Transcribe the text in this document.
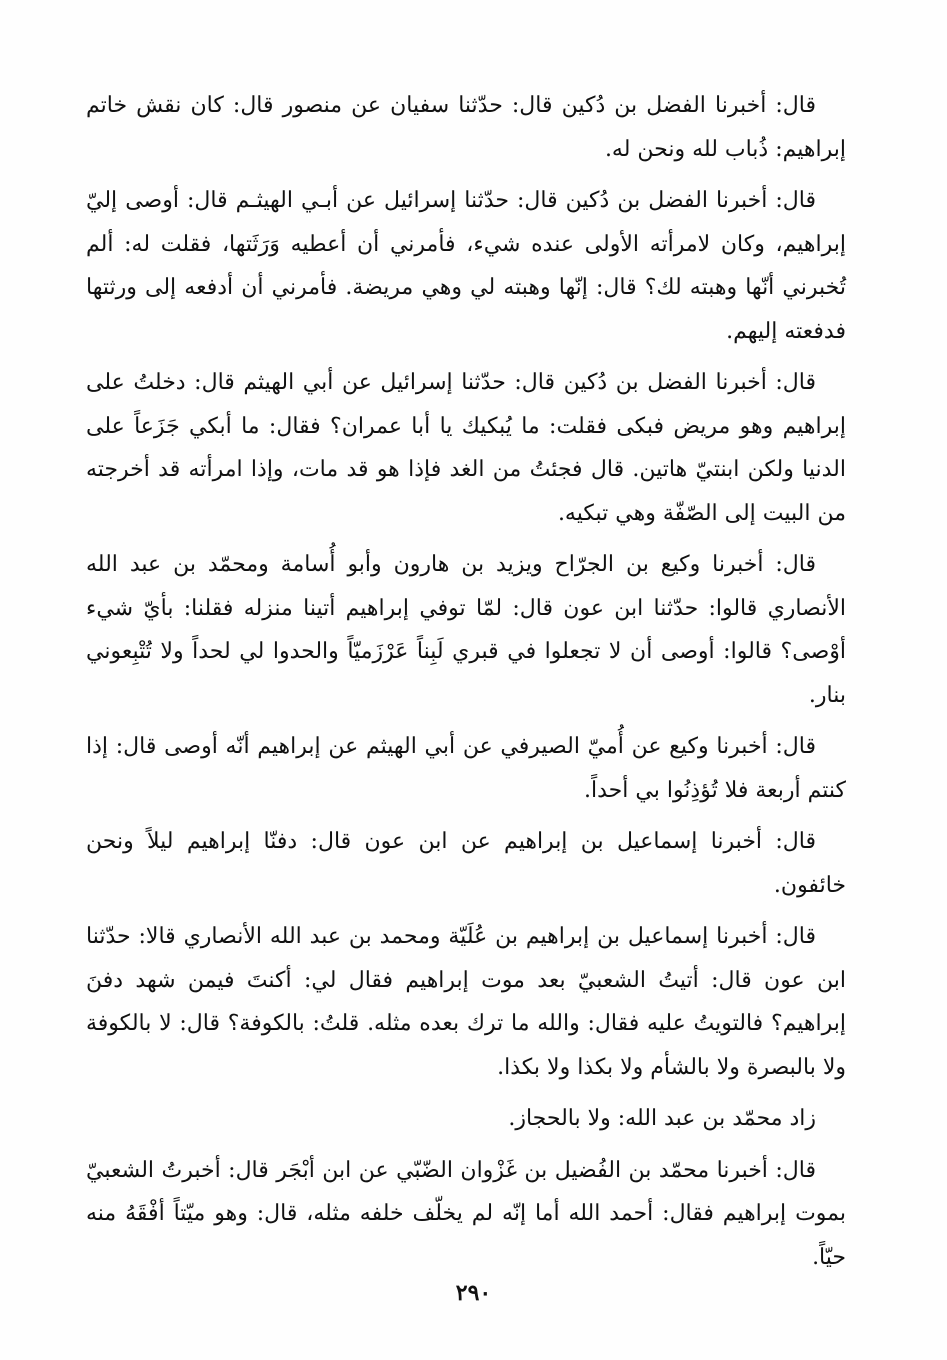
قال: أخبرنا الفضل بن دُكين قال: حدّثنا سفيان عن منصور قال: كان نقش خاتم إبراهيم: ذُباب لله ونحن له.

قال: أخبرنا الفضل بن دُكين قال: حدّثنا إسرائيل عن أبـي الهيثـم قال: أوصى إليّ إبراهيم، وكان لامرأته الأولى عنده شيء، فأمرني أن أعطيه وَرَثَتها، فقلت له: ألم تُخبرني أنّها وهبته لك؟ قال: إنّها وهبته لي وهي مريضة. فأمرني أن أدفعه إلى ورثتها فدفعته إليهم.

قال: أخبرنا الفضل بن دُكين قال: حدّثنا إسرائيل عن أبي الهيثم قال: دخلتُ على إبراهيم وهو مريض فبكى فقلت: ما يُبكيك يا أبا عمران؟ فقال: ما أبكي جَزَعاً على الدنيا ولكن ابنتيّ هاتين. قال فجئتُ من الغد فإذا هو قد مات، وإذا امرأته قد أخرجته من البيت إلى الصّفّة وهي تبكيه.

قال: أخبرنا وكيع بن الجرّاح ويزيد بن هارون وأبو أُسامة ومحمّد بن عبد الله الأنصاري قالوا: حدّثنا ابن عون قال: لمّا توفي إبراهيم أتينا منزله فقلنا: بأيّ شيء أوْصى؟ قالوا: أوصى أن لا تجعلوا في قبري لَبِناً عَرْزَميّاً والحدوا لي لحداً ولا تُتْبِعوني بنار.

قال: أخبرنا وكيع عن أُميّ الصيرفي عن أبي الهيثم عن إبراهيم أنّه أوصى قال: إذا كنتم أربعة فلا تُؤذِنُوا بي أحداً.

قال: أخبرنا إسماعيل بن إبراهيم عن ابن عون قال: دفنّا إبراهيم ليلاً ونحن خائفون.

قال: أخبرنا إسماعيل بن إبراهيم بن عُلَيّة ومحمد بن عبد الله الأنصاري قالا: حدّثنا ابن عون قال: أتيتُ الشعبيّ بعد موت إبراهيم فقال لي: أكنتَ فيمن شهد دفنَ إبراهيم؟ فالتويتُ عليه فقال: والله ما ترك بعده مثله. قلتُ: بالكوفة؟ قال: لا بالكوفة ولا بالبصرة ولا بالشأم ولا بكذا ولا بكذا.

زاد محمّد بن عبد الله: ولا بالحجاز.

قال: أخبرنا محمّد بن الفُضيل بن غَزْوان الضّبّي عن ابن أبْجَر قال: أخبرتُ الشعبيّ بموت إبراهيم فقال: أحمد الله أما إنّه لم يخلّف خلفه مثله، قال: وهو ميّتاً أفْقَهُ منه حيّاً.

٢٩٠
